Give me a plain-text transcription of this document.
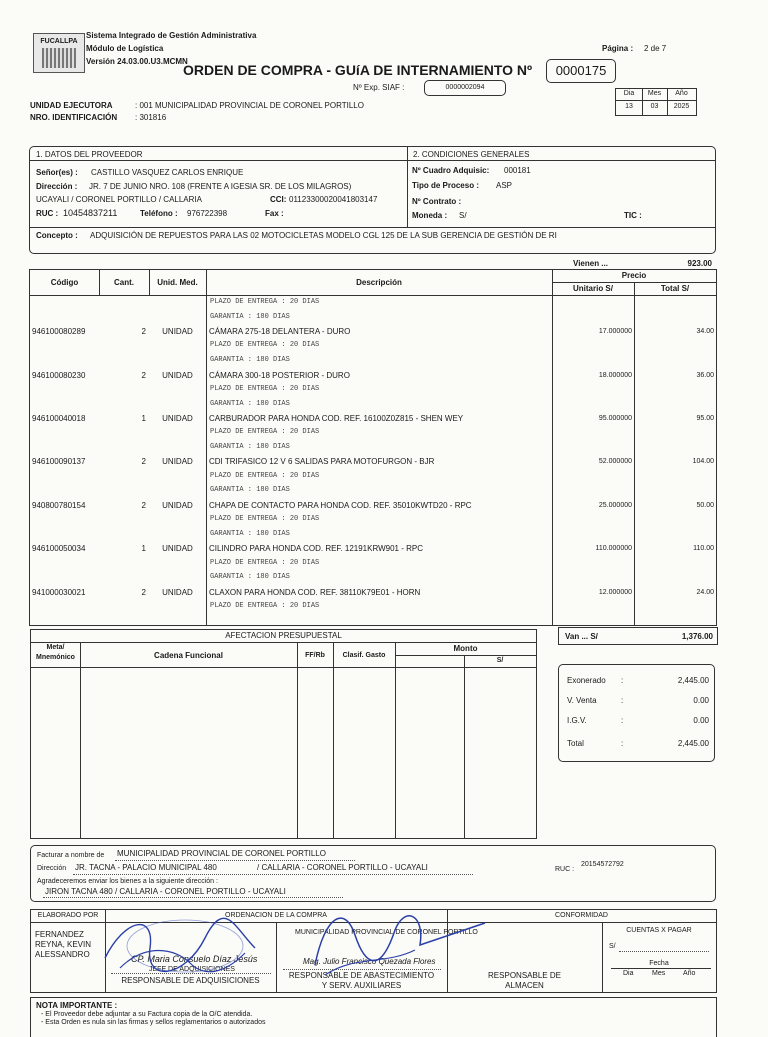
FUCALLPA
Sistema Integrado de Gestión Administrativa
Módulo de Logística
Versión 24.03.00.U3.MCMN
Página : 2 de 7
ORDEN DE COMPRA - GUíA DE INTERNAMIENTO Nº	0000175
Nº Exp. SIAF :	0000002094
Dia	Mes	Año
13	03	2025
UNIDAD EJECUTORA	: 001 MUNICIPALIDAD PROVINCIAL DE CORONEL PORTILLO
NRO. IDENTIFICACIÓN : 301816
1. DATOS DEL PROVEEDOR	2. CONDICIONES GENERALES
Señor(es) : CASTILLO VASQUEZ CARLOS ENRIQUE
Dirección : JR. 7 DE JUNIO NRO. 108 (FRENTE A IGESIA SR. DE LOS MILAGROS)
UCAYALI / CORONEL PORTILLO / CALLARIA	CCI: 01123300020041803147
RUC : 10454837211	Teléfono : 976722398	Fax :
Nº Cuadro Adquisic: 000181
Tipo de Proceso : ASP
Nº Contrato :
Moneda : S/	TIC :
Concepto : ADQUISICIÓN DE REPUESTOS PARA LAS 02 MOTOCICLETAS MODELO CGL 125 DE LA SUB GERENCIA DE GESTIÓN DE RI
Vienen ...	923.00
Código	Cant.	Unid. Med.	Descripción
Precio
Unitario S/	Total S/
PLAZO DE ENTREGA : 20 DIAS
GARANTIA : 180 DIAS
946100080289	2	UNIDAD	CÁMARA 275-18 DELANTERA - DURO	17.000000	34.00
PLAZO DE ENTREGA : 20 DIAS
GARANTIA : 180 DIAS
946100080230	2	UNIDAD	CÁMARA 300-18 POSTERIOR - DURO	18.000000	36.00
PLAZO DE ENTREGA : 20 DIAS
GARANTIA : 180 DIAS
946100040018	1	UNIDAD	CARBURADOR PARA HONDA COD. REF. 16100Z0Z815 - SHEN WEY	95.000000	95.00
PLAZO DE ENTREGA : 20 DIAS
GARANTIA : 180 DIAS
946100090137	2	UNIDAD	CDI TRIFASICO 12 V 6 SALIDAS PARA MOTOFURGON - BJR	52.000000	104.00
PLAZO DE ENTREGA : 20 DIAS
GARANTIA : 180 DIAS
940800780154	2	UNIDAD	CHAPA DE CONTACTO PARA HONDA COD. REF. 35010KWTD20 - RPC	25.000000	50.00
PLAZO DE ENTREGA : 20 DIAS
GARANTIA : 180 DIAS
946100050034	1	UNIDAD	CILINDRO PARA HONDA COD. REF. 12191KRW901 - RPC	110.000000	110.00
PLAZO DE ENTREGA : 20 DIAS
GARANTIA : 180 DIAS
941000030021	2	UNIDAD	CLAXON PARA HONDA COD. REF. 38110K79E01 - HORN	12.000000	24.00
PLAZO DE ENTREGA : 20 DIAS
AFECTACION PRESUPUESTAL
Meta/
Mnemónico	Cadena Funcional	FF/Rb	Clasif. Gasto
Monto
S/
Van ... S/	1,376.00
Exonerado :	2,445.00
V. Venta	:	0.00
I.G.V.	:	0.00
Total	:	2,445.00
Facturar a nombre de MUNICIPALIDAD PROVINCIAL DE CORONEL PORTILLO
Dirección JR. TACNA - PALACIO MUNICIPAL 480	/ CALLARIA - CORONEL PORTILLO - UCAYALI	RUC :
20154572792
Agradeceremos enviar los bienes a la siguiente dirección :
JIRON TACNA 480 / CALLARIA - CORONEL PORTILLO - UCAYALI
ELABORADO POR	ORDENACION DE LA COMPRA	CONFORMIDAD
FERNANDEZ
REYNA, KEVIN
ALESSANDRO	CP. Maria Consuelo Díaz Jesús
JEFE DE ADQUISICIONES
RESPONSABLE DE ADQUISICIONES
MUNICIPALIDAD PROVINCIAL DE CORONEL PORTILLO
Mag. Julio Francisco Quezada Flores
RESPONSABLE DE ABASTECIMIENTO
Y SERV. AUXILIARES
RESPONSABLE DE
ALMACEN
CUENTAS X PAGAR
S/
Fecha
Dia	Mes	Año
NOTA IMPORTANTE :
- El Proveedor debe adjuntar a su Factura copia de la O/C atendida.
- Esta Orden es nula sin las firmas y sellos reglamentarios o autorizados
